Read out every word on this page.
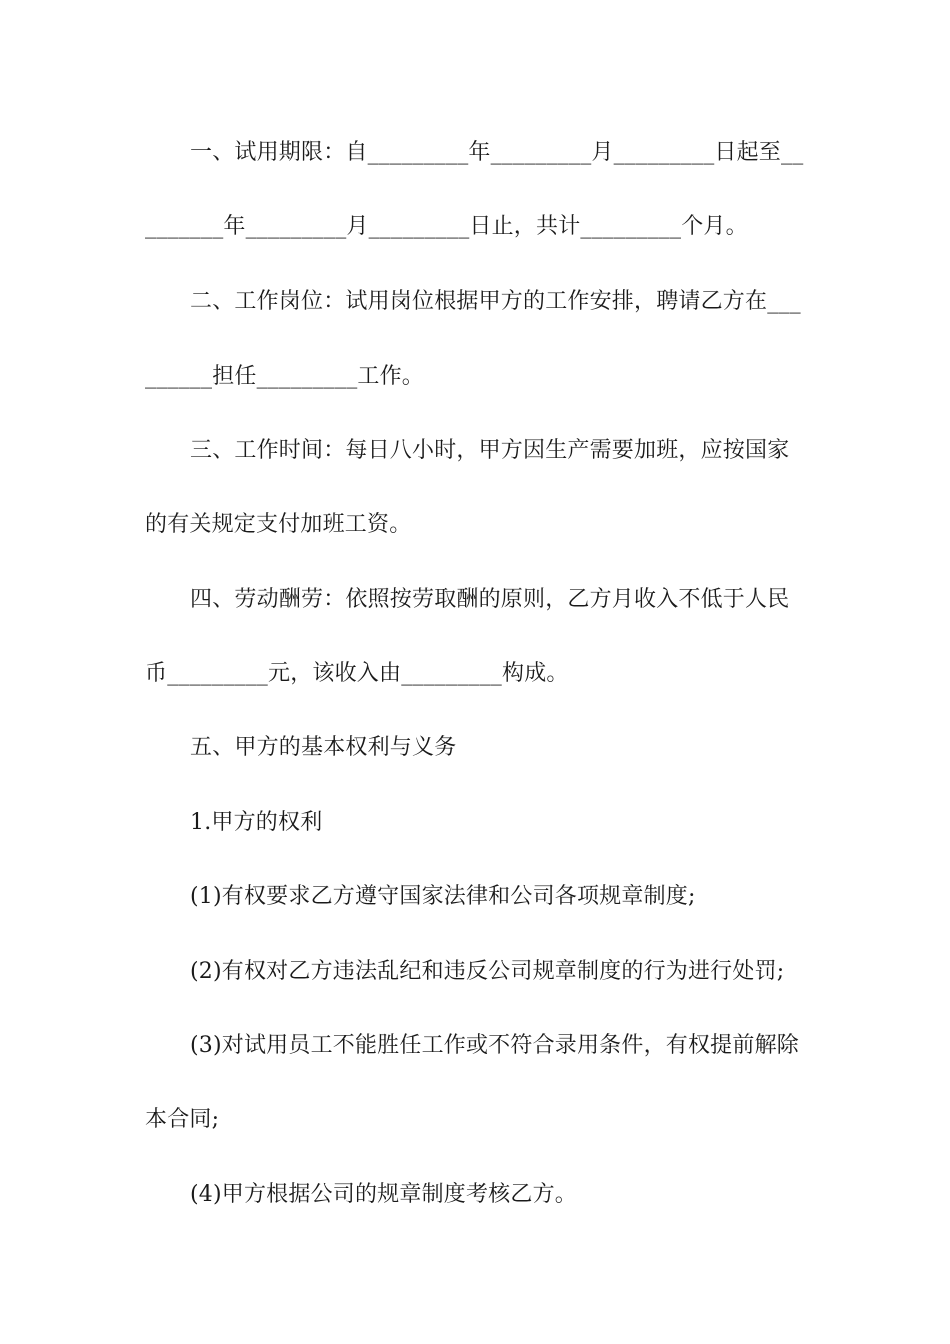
一、试用期限：自_________年_________月_________日起至__
_______年_________月_________日止，共计_________个月。
二、工作岗位：试用岗位根据甲方的工作安排，聘请乙方在___
______担任_________工作。
三、工作时间：每日八小时，甲方因生产需要加班，应按国家
的有关规定支付加班工资。
四、劳动酬劳：依照按劳取酬的原则，乙方月收入不低于人民
币_________元，该收入由_________构成。
五、甲方的基本权利与义务
1.甲方的权利
(1)有权要求乙方遵守国家法律和公司各项规章制度;
(2)有权对乙方违法乱纪和违反公司规章制度的行为进行处罚;
(3)对试用员工不能胜任工作或不符合录用条件，有权提前解除
本合同;
(4)甲方根据公司的规章制度考核乙方。
